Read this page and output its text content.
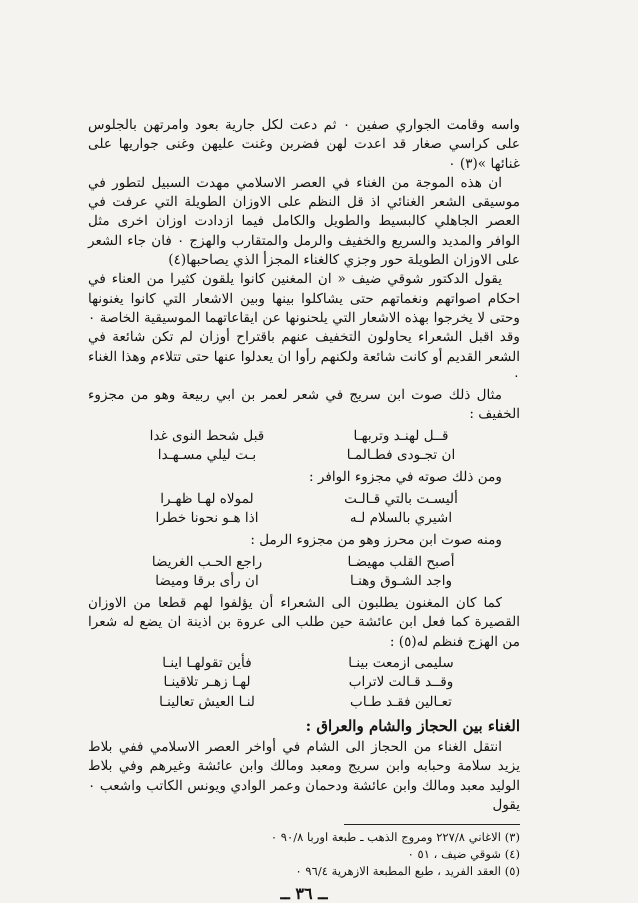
واسه وقامت الجواري صفين ۰ ثم دعت لكل جارية بعود وامرتهن بالجلوس على كراسي صغار قد اعدت لهن فضربن وغنت عليهن وغنى جواريها على غنائها »(٣) ۰

ان هذه الموجة من الغناء في العصر الاسلامي مهدت السبيل لتطور في موسيقى الشعر الغنائي اذ قل النظم على الاوزان الطويلة التي عرفت في العصر الجاهلي كالبسيط والطويل والكامل فيما ازدادت اوزان اخرى مثل الوافر والمديد والسريع والخفيف والرمل والمتقارب والهزج ۰ فان جاء الشعر على الاوزان الطويلة حور وجزي كالغناء المجزأ الذي يصاحبها(٤)

يقول الدكتور شوقي ضيف « ان المغنين كانوا يلقون كثيرا من العناء في احكام اصواتهم ونغماتهم حتى يشاكلوا بينها وبين الاشعار التي كانوا يغنونها وحتى لا يخرجوا بهذه الاشعار التي يلحنونها عن ايقاعاتهما الموسيقية الخاصة ۰ وقد اقبل الشعراء يحاولون التخفيف عنهم باقتراح أوزان لم تكن شائعة في الشعر القديم أو كانت شائعة ولكنهم رأوا ان يعدلوا عنها حتى تتلاءم وهذا الغناء ۰

مثال ذلك صوت ابن سريج في شعر لعمر بن ابي ربيعة وهو من مجزوء الخفيف :

قــل لهنـد وتربهـا
قبل شحط النوى غدا
ان تجـودى فطـالمـا
بـت ليلي مسـهـدا

ومن ذلك صوته في مجزوء الوافر :

أليسـت بالتي قـالـت
لمولاه لهـا ظهـرا
اشيري بالسلام لـه
اذا هـو نحونا خطرا

ومنه صوت ابن محرز وهو من مجزوء الرمل :

أصبح القلب مهيضـا
راجع الحـب الغريضا
واجد الشـوق وهنـا
ان رأى برقا وميضا

كما كان المغنون يطلبون الى الشعراء أن يؤلفوا لهم قطعا من الاوزان القصيرة كما فعل ابن عائشة حين طلب الى عروة بن اذينة ان يضع له شعرا من الهزج فنظم له(٥) :

سليمى ازمعت بينـا
فأين تقولهـا اينـا
وقــد قـالت لاتراب
لهـا زهـر تلاقينـا
تعـالين فقـد طـاب
لنـا العيش تعالينـا
الغناء بين الحجاز والشام والعراق :

انتقل الغناء من الحجاز الى الشام في أواخر العصر الاسلامي ففي بلاط يزيد سلامة وحبابه وابن سريج ومعبد ومالك وابن عائشة وغيرهم وفي بلاط الوليد معبد ومالك وابن عائشة ودحمان وعمر الوادي ويونس الكاتب واشعب ۰ يقول

(٣) الاغاني ٢٢٧/٨ ومروج الذهب ـ طبعة اوربا ٩٠/٨ ۰
(٤) شوقي ضيف ، ٥١ ۰
(٥) العقد الفريد ، طبع المطبعة الازهرية ٩٦/٤ ۰
ــ ٣٦ ــ
